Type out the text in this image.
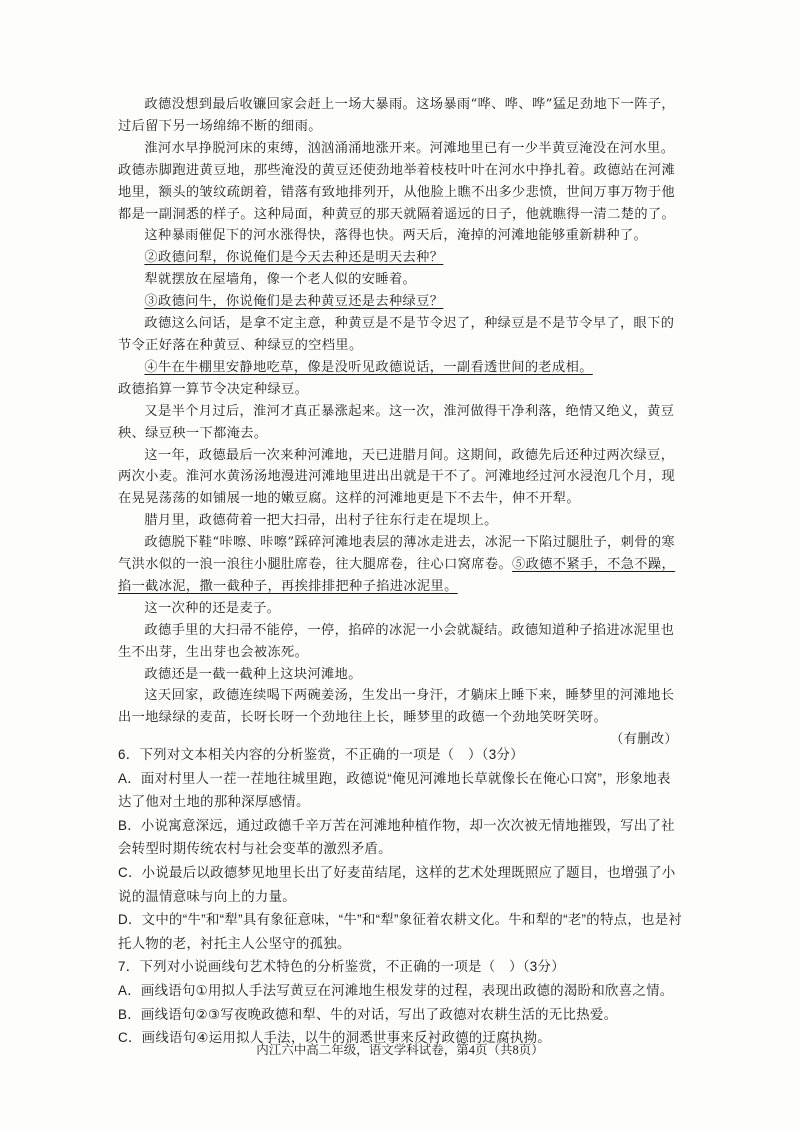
政德没想到最后收镰回家会赶上一场大暴雨。这场暴雨“哗、哗、哗”猛足劲地下一阵子，过后留下另一场绵绵不断的细雨。

淮河水早挣脱河床的束缚，汹汹涌涌地涨开来。河滩地里已有一少半黄豆淹没在河水里。政德赤脚跑进黄豆地，那些淹没的黄豆还使劲地举着枝枝叶叶在河水中挣扎着。政德站在河滩地里，额头的皱纹疏朗着，错落有致地排列开，从他脸上瞧不出多少悲愤，世间万事万物于他都是一副洞悉的样子。这种局面，种黄豆的那天就隔着遥远的日子，他就瞧得一清二楚的了。

这种暴雨催促下的河水涨得快，落得也快。两天后，淹掉的河滩地能够重新耕种了。

②政德问犁，你说俺们是今天去种还是明天去种？

犁就摆放在屋墙角，像一个老人似的安睡着。

③政德问牛，你说俺们是去种黄豆还是去种绿豆？

政德这么问话，是拿不定主意，种黄豆是不是节令迟了，种绿豆是不是节令早了，眼下的节令正好落在种黄豆、种绿豆的空档里。

④牛在牛棚里安静地吃草，像是没听见政德说话，一副看透世间的老成相。

政德掐算一算节令决定种绿豆。

又是半个月过后，淮河才真正暴涨起来。这一次，淮河做得干净利落，绝情又绝义，黄豆秧、绿豆秧一下都淹去。

这一年，政德最后一次来种河滩地，天已进腊月间。这期间，政德先后还种过两次绿豆，两次小麦。淮河水黄汤汤地漫进河滩地里进出出就是干不了。河滩地经过河水浸泡几个月，现在晃晃荡荡的如铺展一地的嫩豆腐。这样的河滩地更是下不去牛，伸不开犁。

腊月里，政德荷着一把大扫帚，出村子往东行走在堤坝上。

政德脱下鞋“咔嚓、咔嚓”踩碎河滩地表层的薄冰走进去，冰泥一下陷过腿肚子，刺骨的寒气洪水似的一浪一浪往小腿肚席卷，往大腿席卷，往心口窝席卷。⑤政德不紧手，不急不躁，掐一截冰泥，撒一截种子，再挨排排把种子掐进冰泥里。

这一次种的还是麦子。

政德手里的大扫帚不能停，一停，掐碎的冰泥一小会就凝结。政德知道种子掐进冰泥里也生不出芽，生出芽也会被冻死。

政德还是一截一截种上这块河滩地。

这天回家，政德连续喝下两碗姜汤，生发出一身汗，才躺床上睡下来，睡梦里的河滩地长出一地绿绿的麦苗，长呀长呀一个劲地往上长，睡梦里的政德一个劲地笑呀笑呀。

（有删改）

6．下列对文本相关内容的分析鉴赏，不正确的一项是（　）（3分）

A．面对村里人一茬一茬地往城里跑，政德说“俺见河滩地长草就像长在俺心口窝”，形象地表达了他对土地的那种深厚感情。

B．小说寓意深远，通过政德千辛万苦在河滩地种植作物，却一次次被无情地摧毁，写出了社会转型时期传统农村与社会变革的激烈矛盾。

C．小说最后以政德梦见地里长出了好麦苗结尾，这样的艺术处理既照应了题目，也增强了小说的温情意味与向上的力量。

D．文中的“牛”和“犁”具有象征意味，“牛”和“犁”象征着农耕文化。牛和犁的“老”的特点，也是衬托人物的老，衬托主人公坚守的孤独。

7．下列对小说画线句艺术特色的分析鉴赏，不正确的一项是（　）（3分）

A．画线语句①用拟人手法写黄豆在河滩地生根发芽的过程，表现出政德的渴盼和欣喜之情。

B．画线语句②③写夜晚政德和犁、牛的对话，写出了政德对农耕生活的无比热爱。

C．画线语句④运用拟人手法，以牛的洞悉世事来反衬政德的迂腐执拗。

内江六中高二年级，语文学科试卷，第4页（共8页）
